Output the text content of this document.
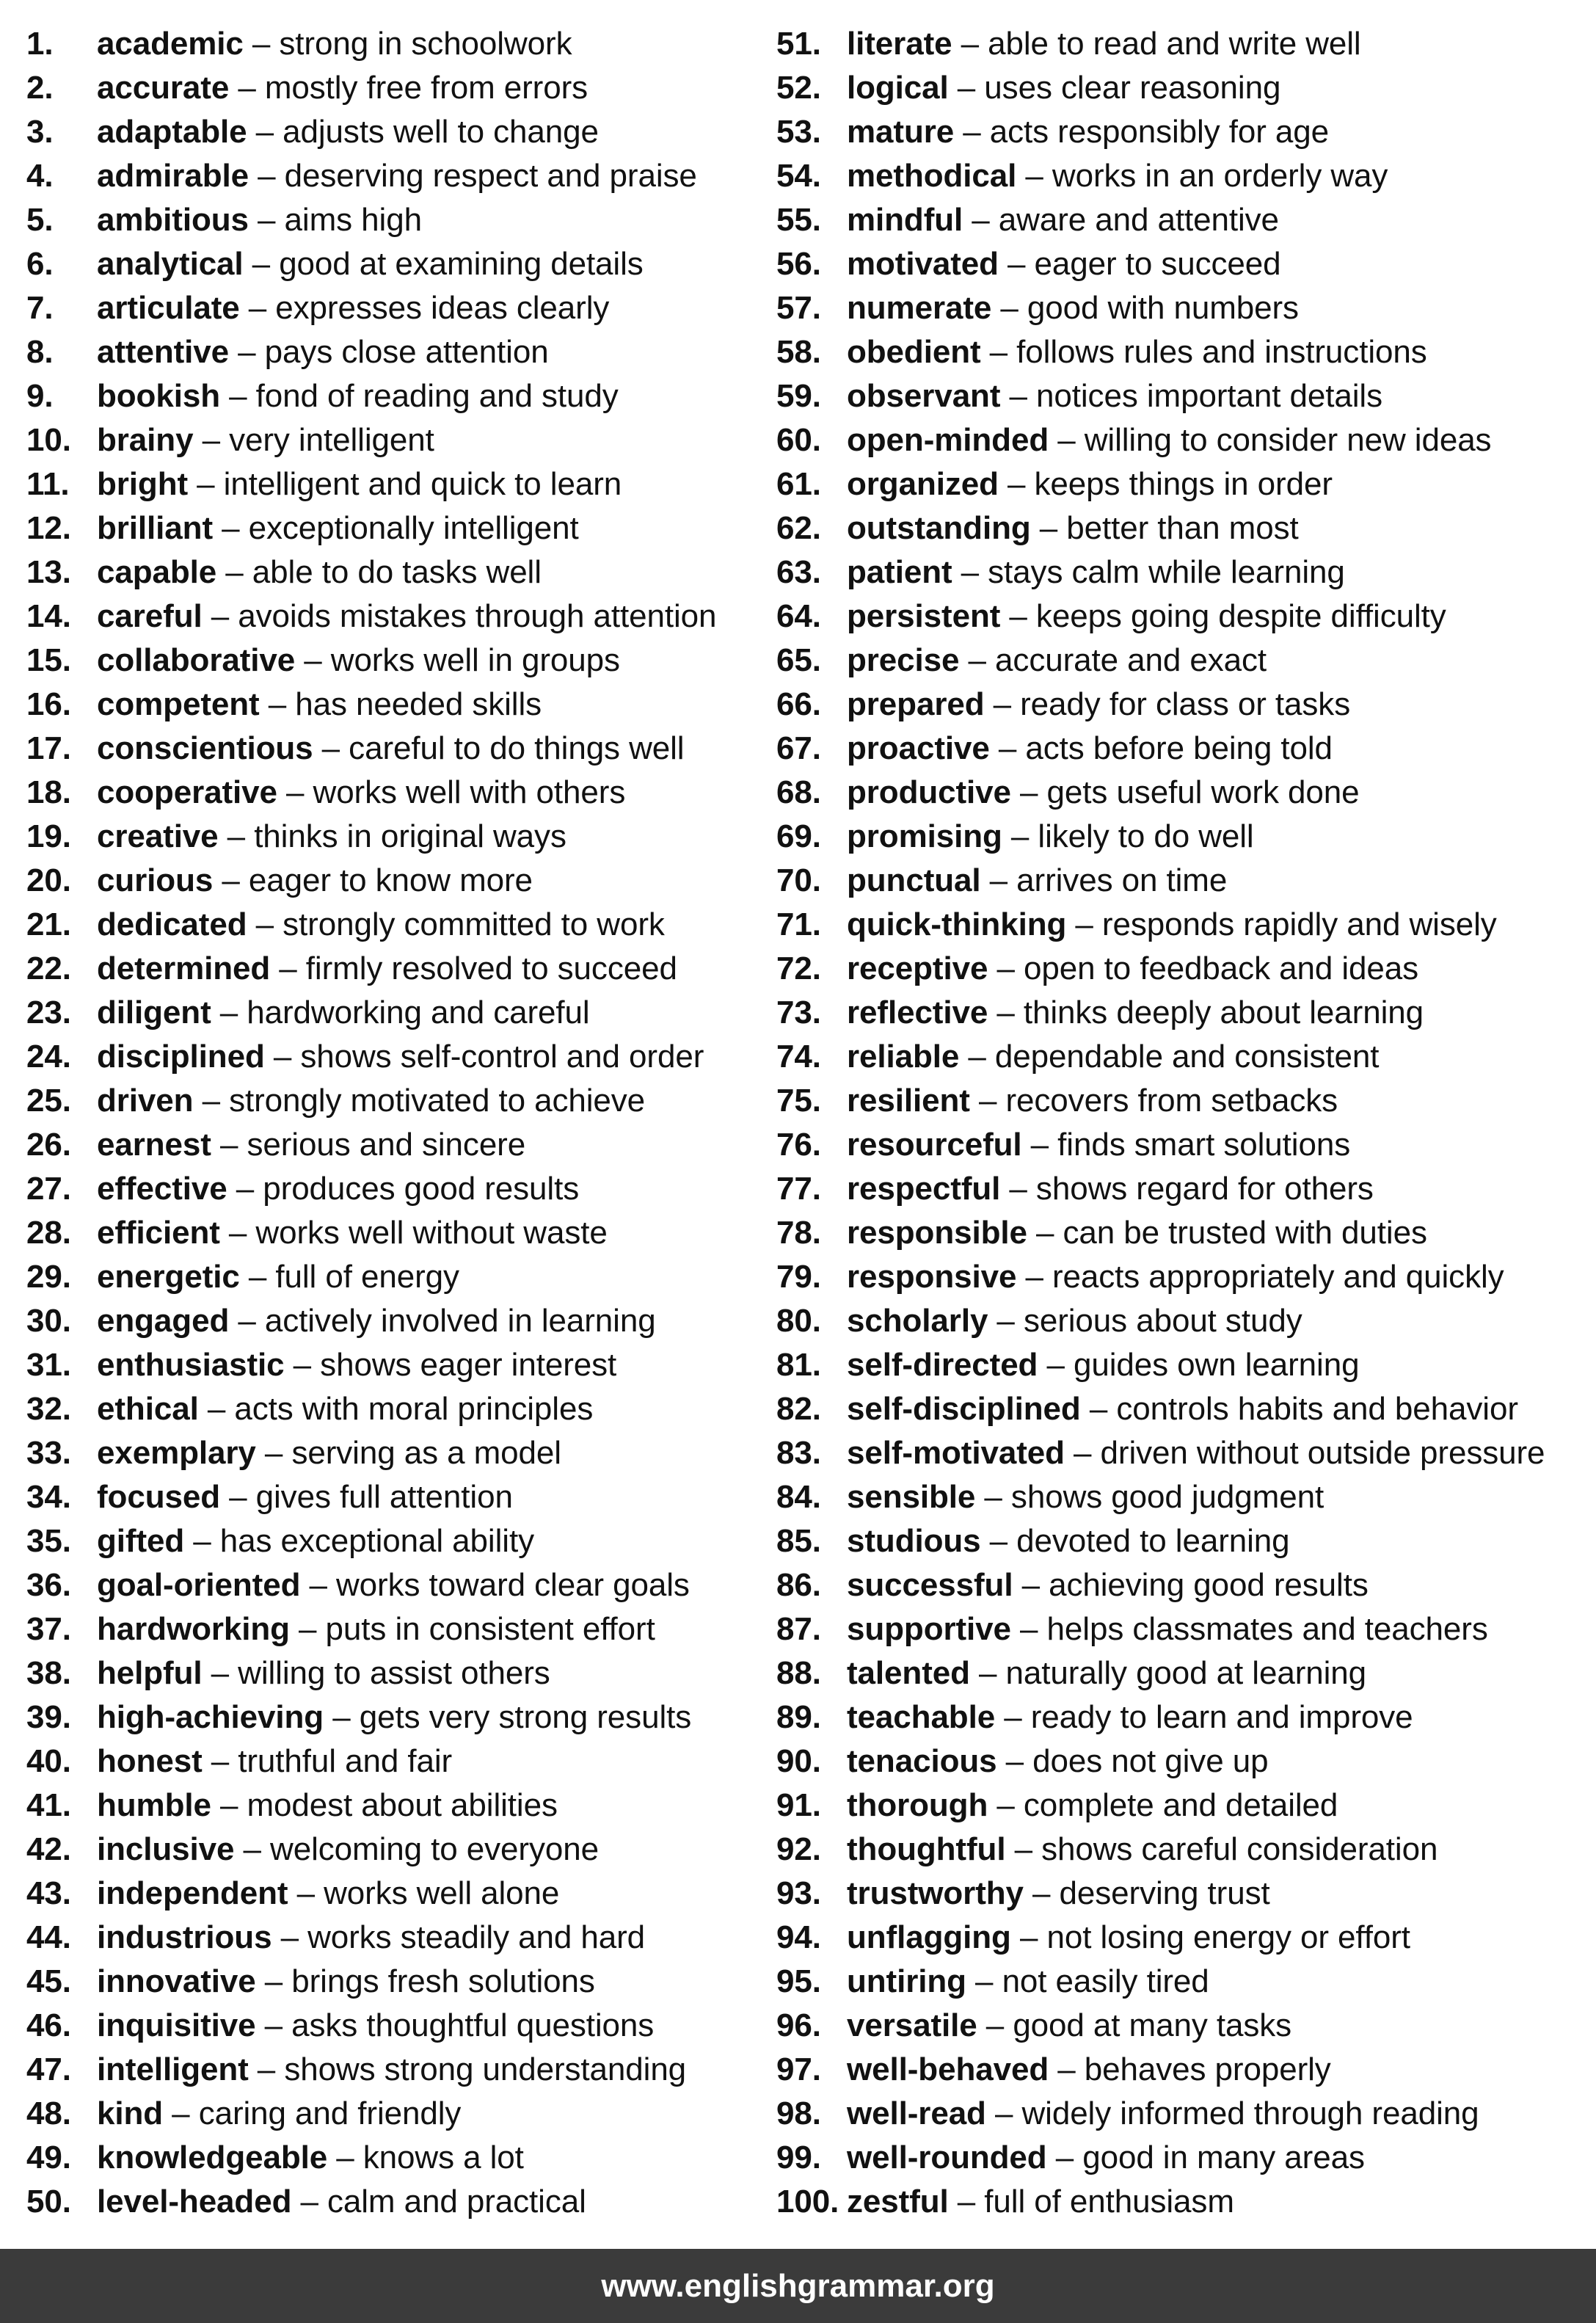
1. academic – strong in schoolwork
2. accurate – mostly free from errors
3. adaptable – adjusts well to change
4. admirable – deserving respect and praise
5. ambitious – aims high
6. analytical – good at examining details
7. articulate – expresses ideas clearly
8. attentive – pays close attention
9. bookish – fond of reading and study
10. brainy – very intelligent
11. bright – intelligent and quick to learn
12. brilliant – exceptionally intelligent
13. capable – able to do tasks well
14. careful – avoids mistakes through attention
15. collaborative – works well in groups
16. competent – has needed skills
17. conscientious – careful to do things well
18. cooperative – works well with others
19. creative – thinks in original ways
20. curious – eager to know more
21. dedicated – strongly committed to work
22. determined – firmly resolved to succeed
23. diligent – hardworking and careful
24. disciplined – shows self-control and order
25. driven – strongly motivated to achieve
26. earnest – serious and sincere
27. effective – produces good results
28. efficient – works well without waste
29. energetic – full of energy
30. engaged – actively involved in learning
31. enthusiastic – shows eager interest
32. ethical – acts with moral principles
33. exemplary – serving as a model
34. focused – gives full attention
35. gifted – has exceptional ability
36. goal-oriented – works toward clear goals
37. hardworking – puts in consistent effort
38. helpful – willing to assist others
39. high-achieving – gets very strong results
40. honest – truthful and fair
41. humble – modest about abilities
42. inclusive – welcoming to everyone
43. independent – works well alone
44. industrious – works steadily and hard
45. innovative – brings fresh solutions
46. inquisitive – asks thoughtful questions
47. intelligent – shows strong understanding
48. kind – caring and friendly
49. knowledgeable – knows a lot
50. level-headed – calm and practical
51. literate – able to read and write well
52. logical – uses clear reasoning
53. mature – acts responsibly for age
54. methodical – works in an orderly way
55. mindful – aware and attentive
56. motivated – eager to succeed
57. numerate – good with numbers
58. obedient – follows rules and instructions
59. observant – notices important details
60. open-minded – willing to consider new ideas
61. organized – keeps things in order
62. outstanding – better than most
63. patient – stays calm while learning
64. persistent – keeps going despite difficulty
65. precise – accurate and exact
66. prepared – ready for class or tasks
67. proactive – acts before being told
68. productive – gets useful work done
69. promising – likely to do well
70. punctual – arrives on time
71. quick-thinking – responds rapidly and wisely
72. receptive – open to feedback and ideas
73. reflective – thinks deeply about learning
74. reliable – dependable and consistent
75. resilient – recovers from setbacks
76. resourceful – finds smart solutions
77. respectful – shows regard for others
78. responsible – can be trusted with duties
79. responsive – reacts appropriately and quickly
80. scholarly – serious about study
81. self-directed – guides own learning
82. self-disciplined – controls habits and behavior
83. self-motivated – driven without outside pressure
84. sensible – shows good judgment
85. studious – devoted to learning
86. successful – achieving good results
87. supportive – helps classmates and teachers
88. talented – naturally good at learning
89. teachable – ready to learn and improve
90. tenacious – does not give up
91. thorough – complete and detailed
92. thoughtful – shows careful consideration
93. trustworthy – deserving trust
94. unflagging – not losing energy or effort
95. untiring – not easily tired
96. versatile – good at many tasks
97. well-behaved – behaves properly
98. well-read – widely informed through reading
99. well-rounded – good in many areas
100. zestful – full of enthusiasm
www.englishgrammar.org
